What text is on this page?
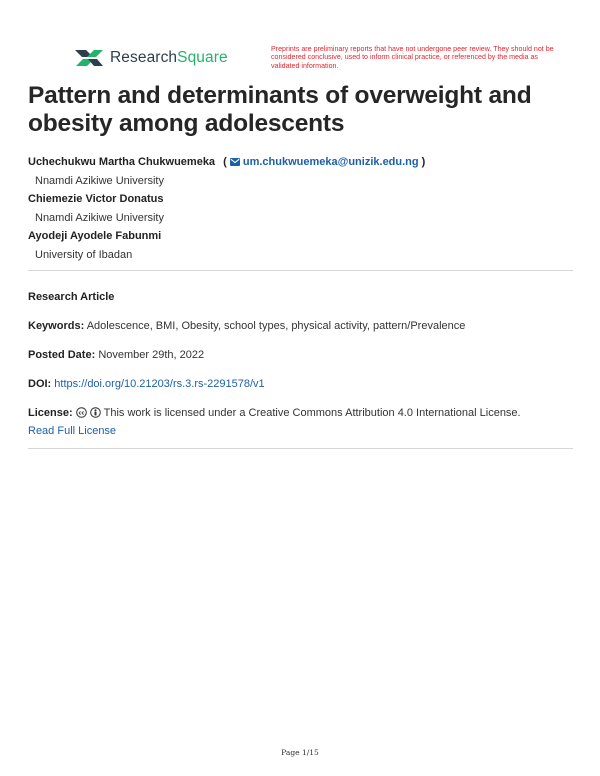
ResearchSquare	Preprints are preliminary reports that have not undergone peer review. They should not be considered conclusive, used to inform clinical practice, or referenced by the media as validated information.
Pattern and determinants of overweight and obesity among adolescents
Uchechukwu Martha Chukwuemeka ( um.chukwuemeka@unizik.edu.ng )
Nnamdi Azikiwe University
Chiemezie Victor Donatus
Nnamdi Azikiwe University
Ayodeji Ayodele Fabunmi
University of Ibadan
Research Article
Keywords: Adolescence, BMI, Obesity, school types, physical activity, pattern/Prevalence
Posted Date: November 29th, 2022
DOI: https://doi.org/10.21203/rs.3.rs-2291578/v1
License: cc This work is licensed under a Creative Commons Attribution 4.0 International License.
Read Full License
Page 1/15
